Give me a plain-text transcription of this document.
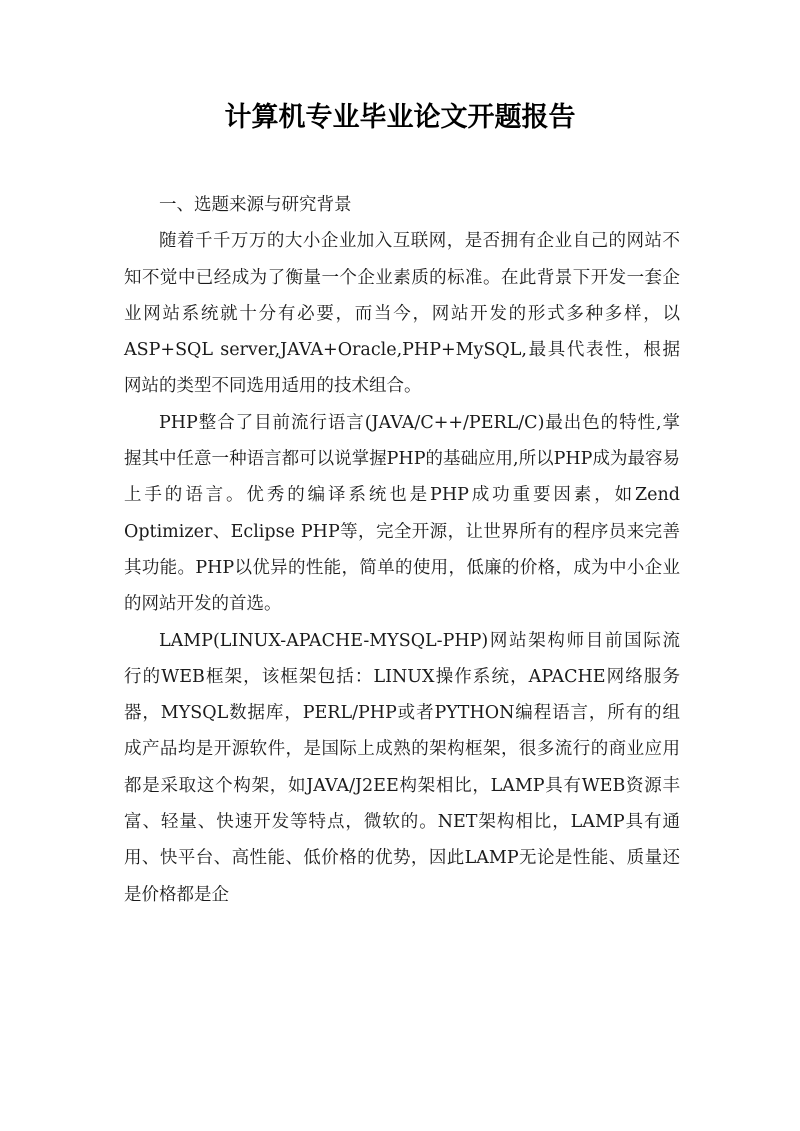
计算机专业毕业论文开题报告

一、选题来源与研究背景

随着千千万万的大小企业加入互联网，是否拥有企业自己的网站不知不觉中已经成为了衡量一个企业素质的标准。在此背景下开发一套企业网站系统就十分有必要，而当今，网站开发的形式多种多样，以ASP+SQL server,JAVA+Oracle,PHP+MySQL,最具代表性，根据网站的类型不同选用适用的技术组合。

PHP整合了目前流行语言(JAVA/C++/PERL/C)最出色的特性,掌握其中任意一种语言都可以说掌握PHP的基础应用,所以PHP成为最容易上手的语言。优秀的编译系统也是PHP成功重要因素，如Zend Optimizer、Eclipse PHP等，完全开源，让世界所有的程序员来完善其功能。PHP以优异的性能，简单的使用，低廉的价格，成为中小企业的网站开发的首选。

LAMP(LINUX-APACHE-MYSQL-PHP)网站架构师目前国际流行的WEB框架，该框架包括：LINUX操作系统，APACHE网络服务器，MYSQL数据库，PERL/PHP或者PYTHON编程语言，所有的组成产品均是开源软件，是国际上成熟的架构框架，很多流行的商业应用都是采取这个构架，如JAVA/J2EE构架相比，LAMP具有WEB资源丰富、轻量、快速开发等特点，微软的。NET架构相比，LAMP具有通用、快平台、高性能、低价格的优势，因此LAMP无论是性能、质量还是价格都是企
